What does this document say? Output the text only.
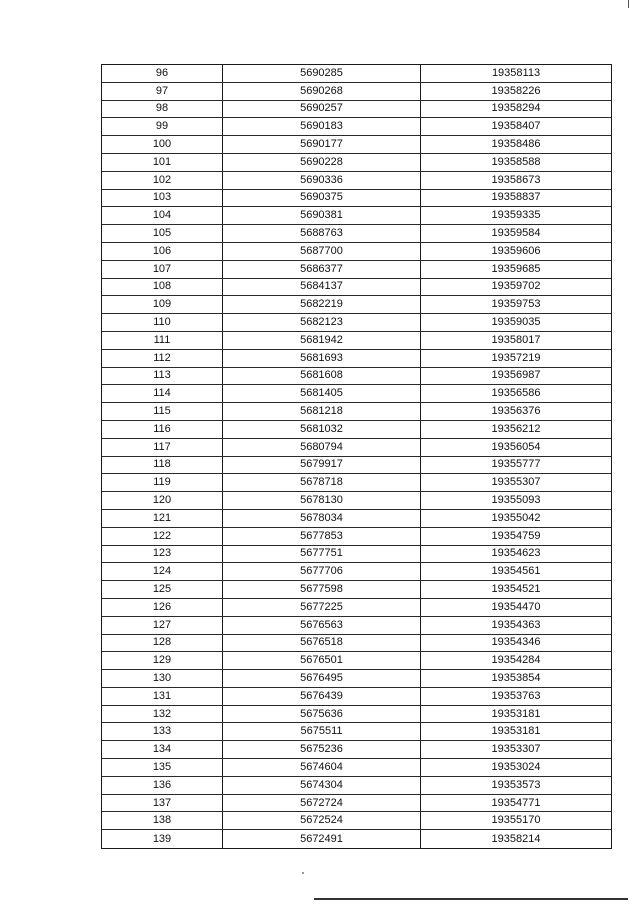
96	5690285	19358113
97	5690268	19358226
98	5690257	19358294
99	5690183	19358407
100	5690177	19358486
101	5690228	19358588
102	5690336	19358673
103	5690375	19358837
104	5690381	19359335
105	5688763	19359584
106	5687700	19359606
107	5686377	19359685
108	5684137	19359702
109	5682219	19359753
110	5682123	19359035
111	5681942	19358017
112	5681693	19357219
113	5681608	19356987
114	5681405	19356586
115	5681218	19356376
116	5681032	19356212
117	5680794	19356054
118	5679917	19355777
119	5678718	19355307
120	5678130	19355093
121	5678034	19355042
122	5677853	19354759
123	5677751	19354623
124	5677706	19354561
125	5677598	19354521
126	5677225	19354470
127	5676563	19354363
128	5676518	19354346
129	5676501	19354284
130	5676495	19353854
131	5676439	19353763
132	5675636	19353181
133	5675511	19353181
134	5675236	19353307
135	5674604	19353024
136	5674304	19353573
137	5672724	19354771
138	5672524	19355170
139	5672491	19358214
